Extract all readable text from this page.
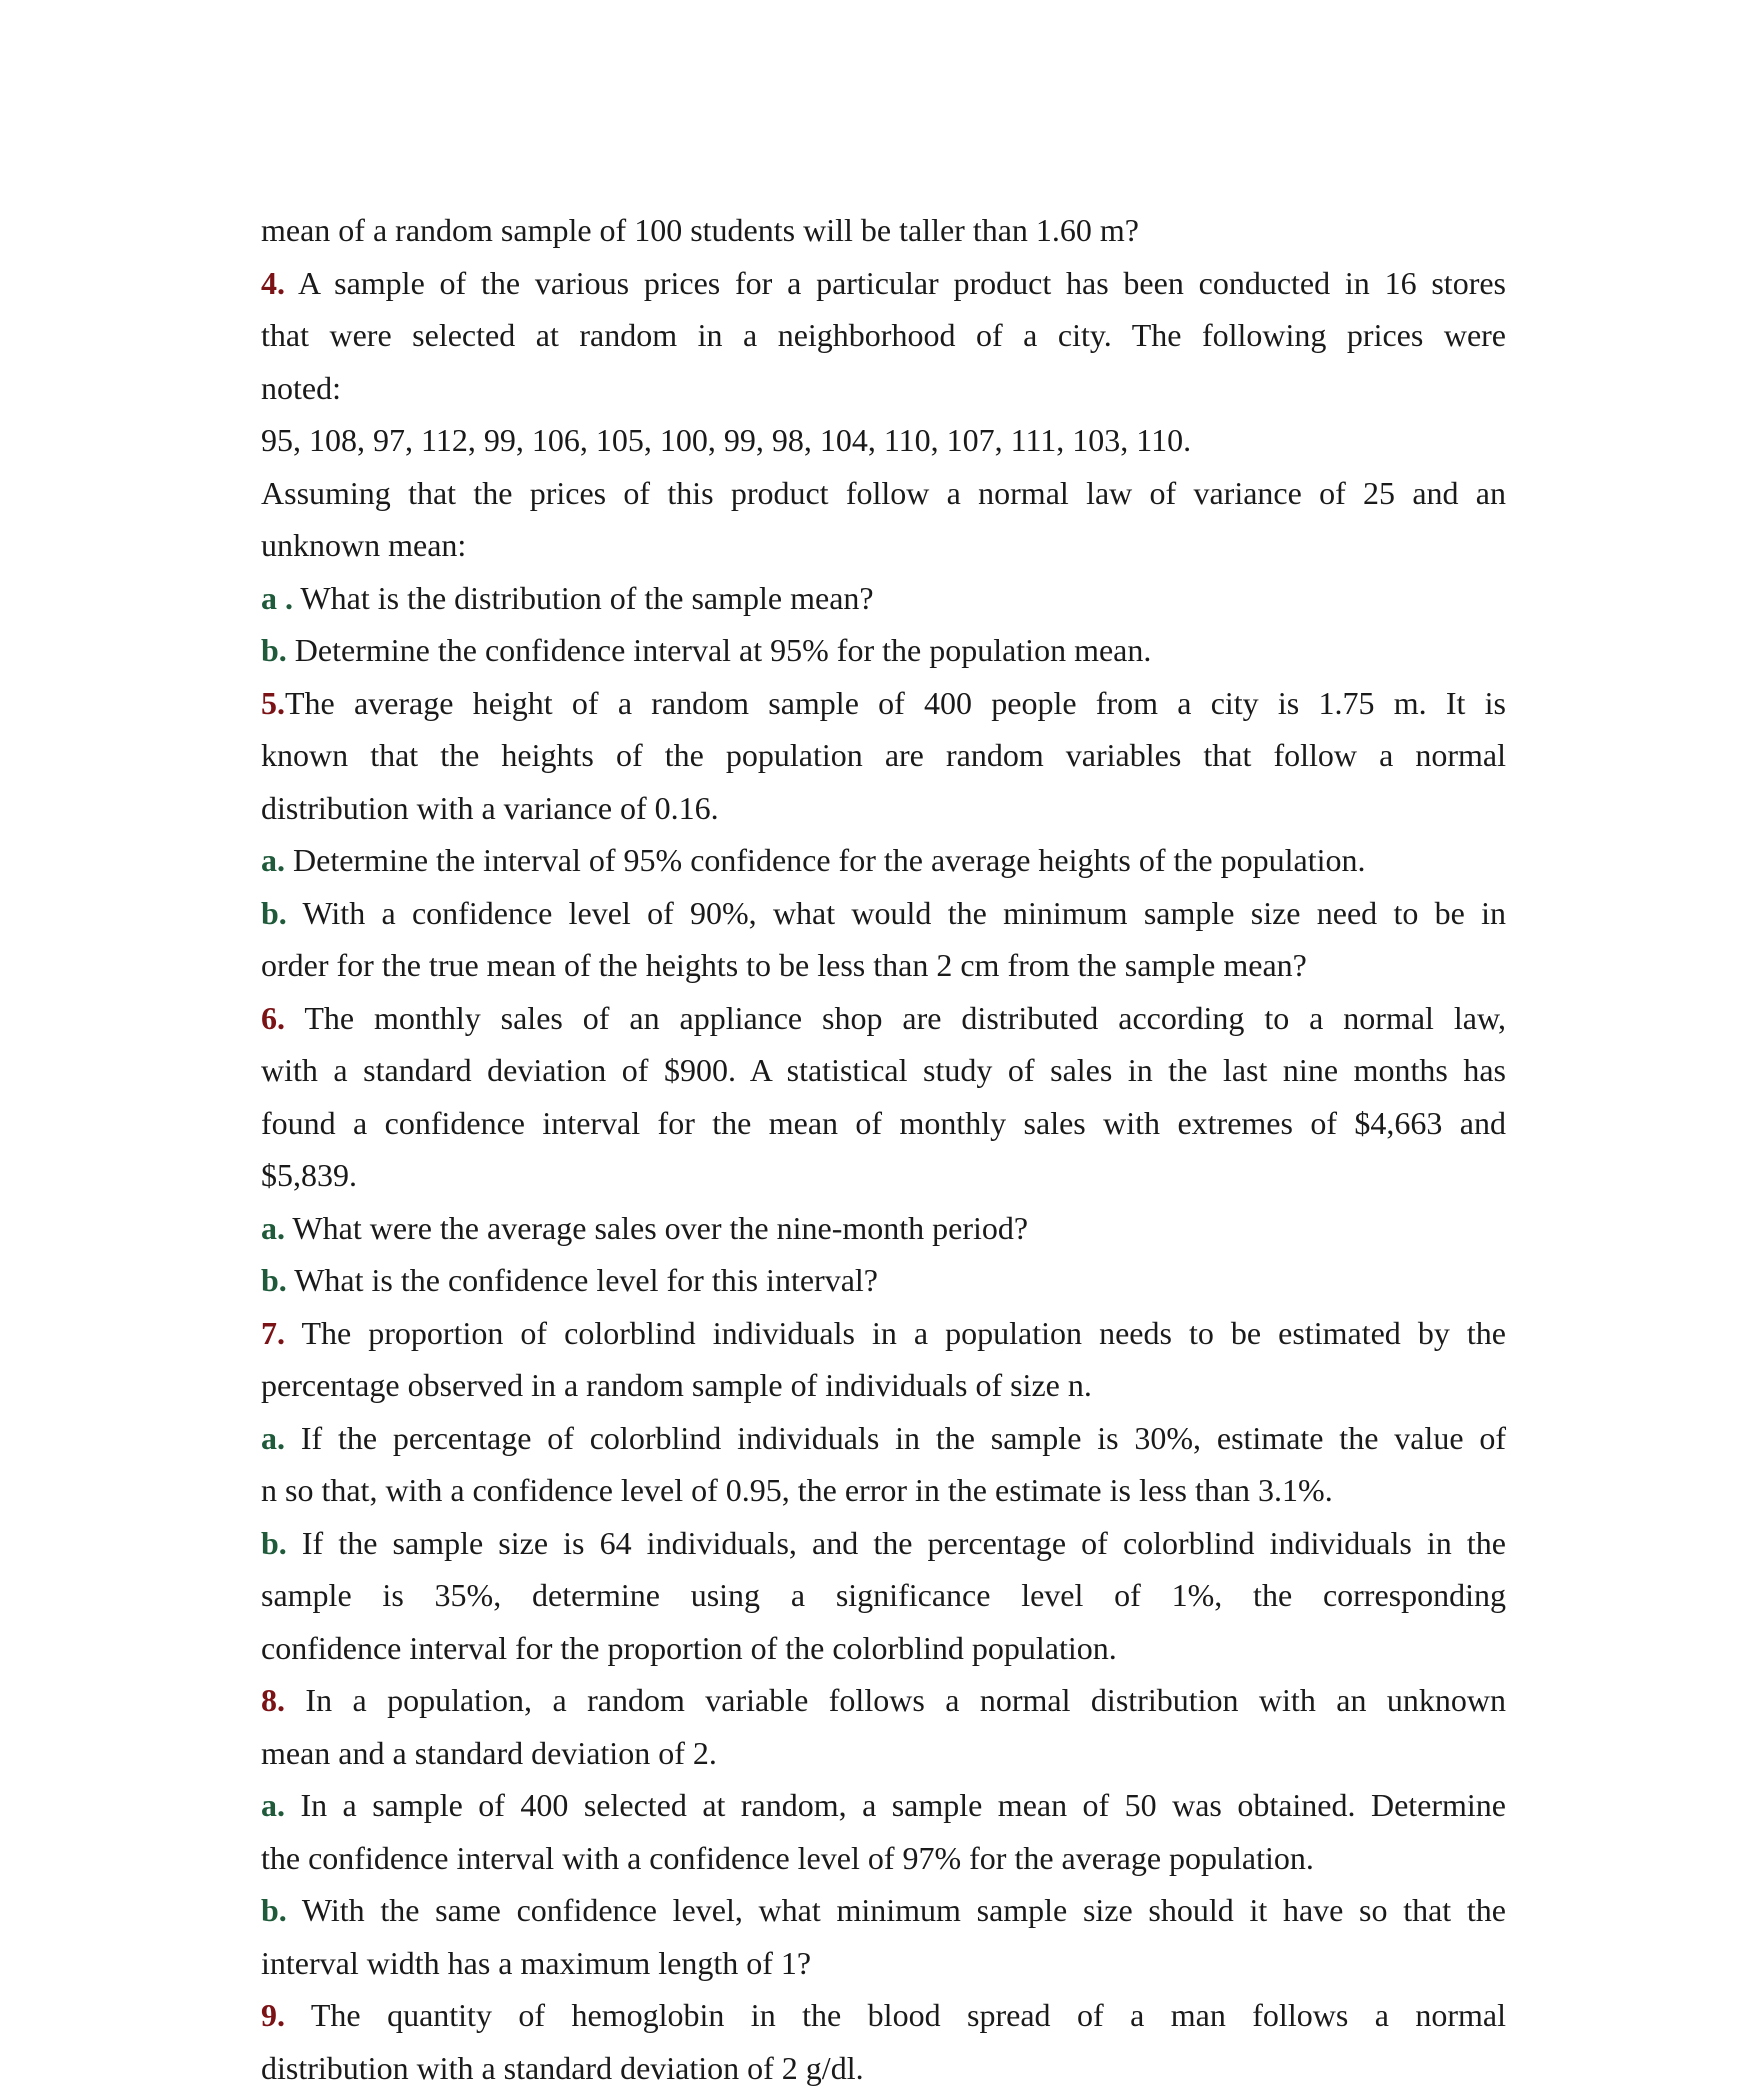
mean of a random sample of 100 students will be taller than 1.60 m?
4. A sample of the various prices for a particular product has been conducted in 16 stores
that were selected at random in a neighborhood of a city. The following prices were
noted:
95, 108, 97, 112, 99, 106, 105, 100, 99, 98, 104, 110, 107, 111, 103, 110.
Assuming that the prices of this product follow a normal law of variance of 25 and an
unknown mean:
a . What is the distribution of the sample mean?
b. Determine the confidence interval at 95% for the population mean.
5.The average height of a random sample of 400 people from a city is 1.75 m. It is
known that the heights of the population are random variables that follow a normal
distribution with a variance of 0.16.
a. Determine the interval of 95% confidence for the average heights of the population.
b. With a confidence level of 90%, what would the minimum sample size need to be in
order for the true mean of the heights to be less than 2 cm from the sample mean?
6. The monthly sales of an appliance shop are distributed according to a normal law,
with a standard deviation of $900. A statistical study of sales in the last nine months has
found a confidence interval for the mean of monthly sales with extremes of $4,663 and
$5,839.
a. What were the average sales over the nine-month period?
b. What is the confidence level for this interval?
7. The proportion of colorblind individuals in a population needs to be estimated by the
percentage observed in a random sample of individuals of size n.
a. If the percentage of colorblind individuals in the sample is 30%, estimate the value of
n so that, with a confidence level of 0.95, the error in the estimate is less than 3.1%.
b. If the sample size is 64 individuals, and the percentage of colorblind individuals in the
sample is 35%, determine using a significance level of 1%, the corresponding
confidence interval for the proportion of the colorblind population.
8. In a population, a random variable follows a normal distribution with an unknown
mean and a standard deviation of 2.
a. In a sample of 400 selected at random, a sample mean of 50 was obtained. Determine
the confidence interval with a confidence level of 97% for the average population.
b. With the same confidence level, what minimum sample size should it have so that the
interval width has a maximum length of 1?
9. The quantity of hemoglobin in the blood spread of a man follows a normal
distribution with a standard deviation of 2 g/dl.
